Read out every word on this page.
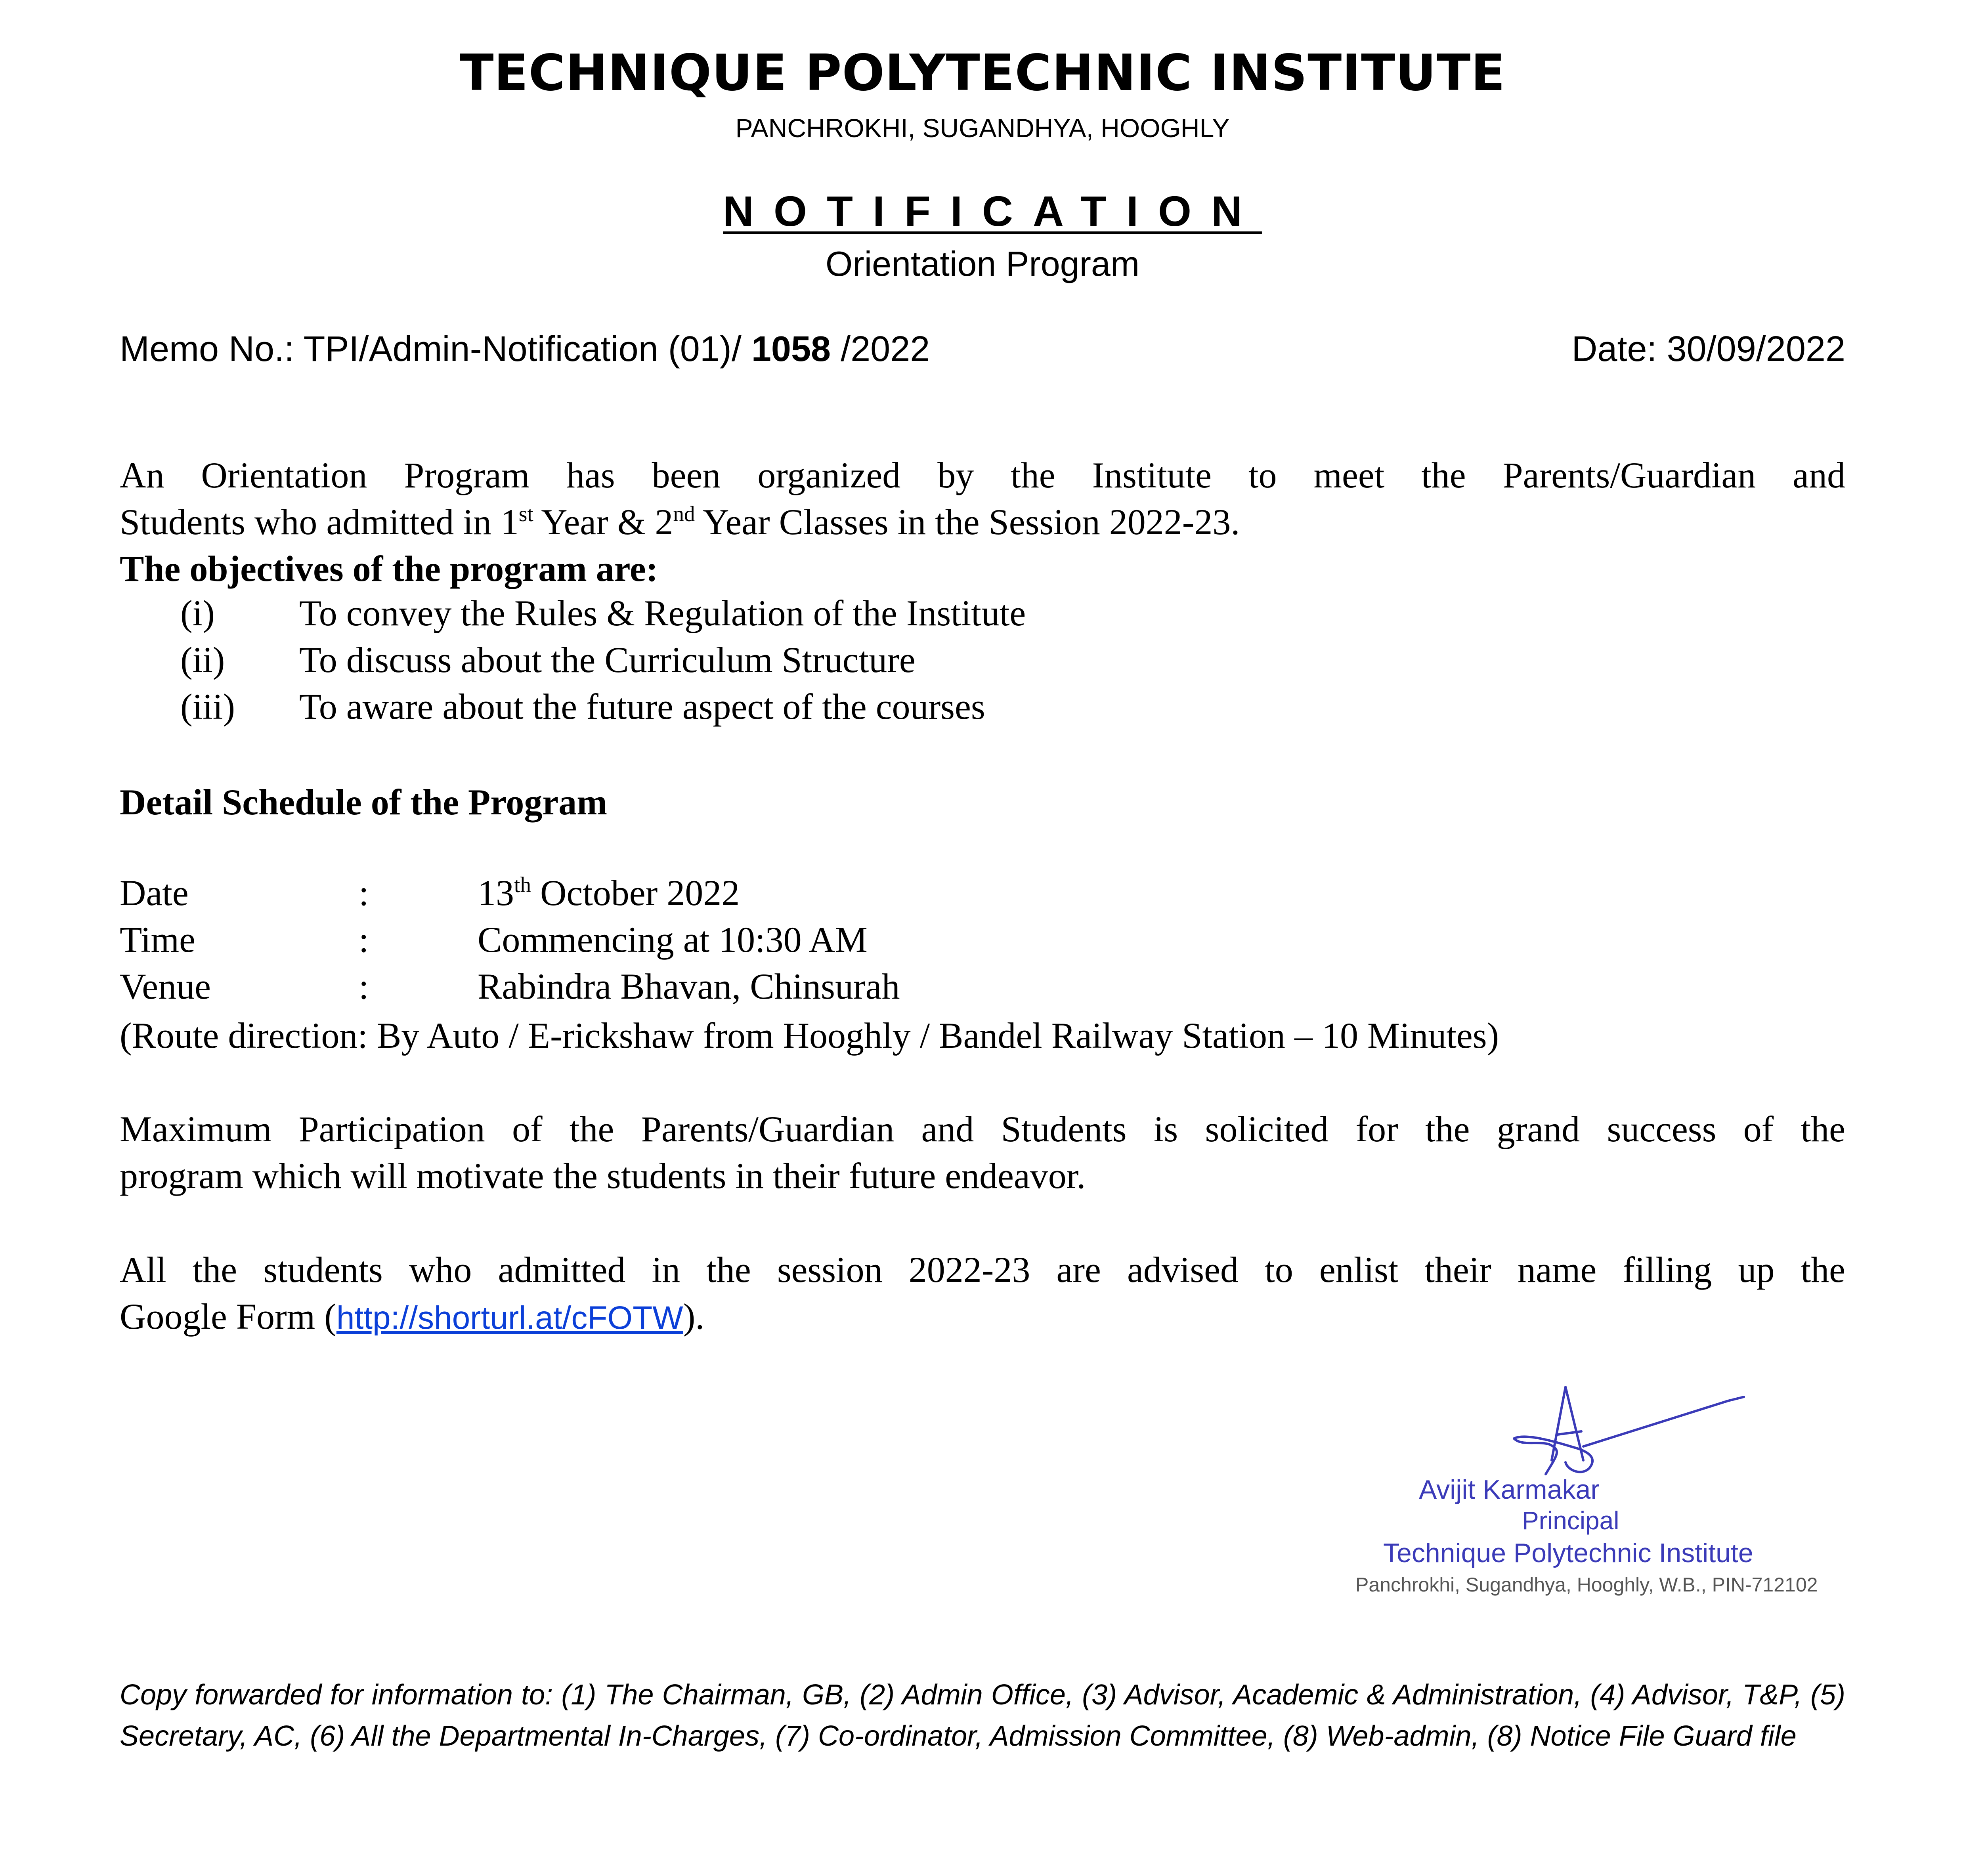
TECHNIQUE POLYTECHNIC INSTITUTE
PANCHROKHI, SUGANDHYA, HOOGHLY
NOTIFICATION
Orientation Program
Memo No.: TPI/Admin-Notification (01)/ 1058 /2022	Date: 30/09/2022
An Orientation Program has been organized by the Institute to meet the Parents/Guardian and
Students who admitted in 1st Year & 2nd Year Classes in the Session 2022-23.
The objectives of the program are:
(i) To convey the Rules & Regulation of the Institute
(ii) To discuss about the Curriculum Structure
(iii) To aware about the future aspect of the courses
Detail Schedule of the Program
Date	:	13th October 2022
Time	:	Commencing at 10:30 AM
Venue	:	Rabindra Bhavan, Chinsurah
(Route direction: By Auto / E-rickshaw from Hooghly / Bandel Railway Station – 10 Minutes)
Maximum Participation of the Parents/Guardian and Students is solicited for the grand success of the
program which will motivate the students in their future endeavor.
All the students who admitted in the session 2022-23 are advised to enlist their name filling up the
Google Form (http://shorturl.at/cFOTW).
Avijit Karmakar
Principal
Technique Polytechnic Institute
Panchrokhi, Sugandhya, Hooghly, W.B., PIN-712102
Copy forwarded for information to: (1) The Chairman, GB, (2) Admin Office, (3) Advisor, Academic & Administration, (4) Advisor, T&P, (5) Secretary, AC, (6) All the Departmental In-Charges, (7) Co-ordinator, Admission Committee, (8) Web-admin, (8) Notice File Guard file
